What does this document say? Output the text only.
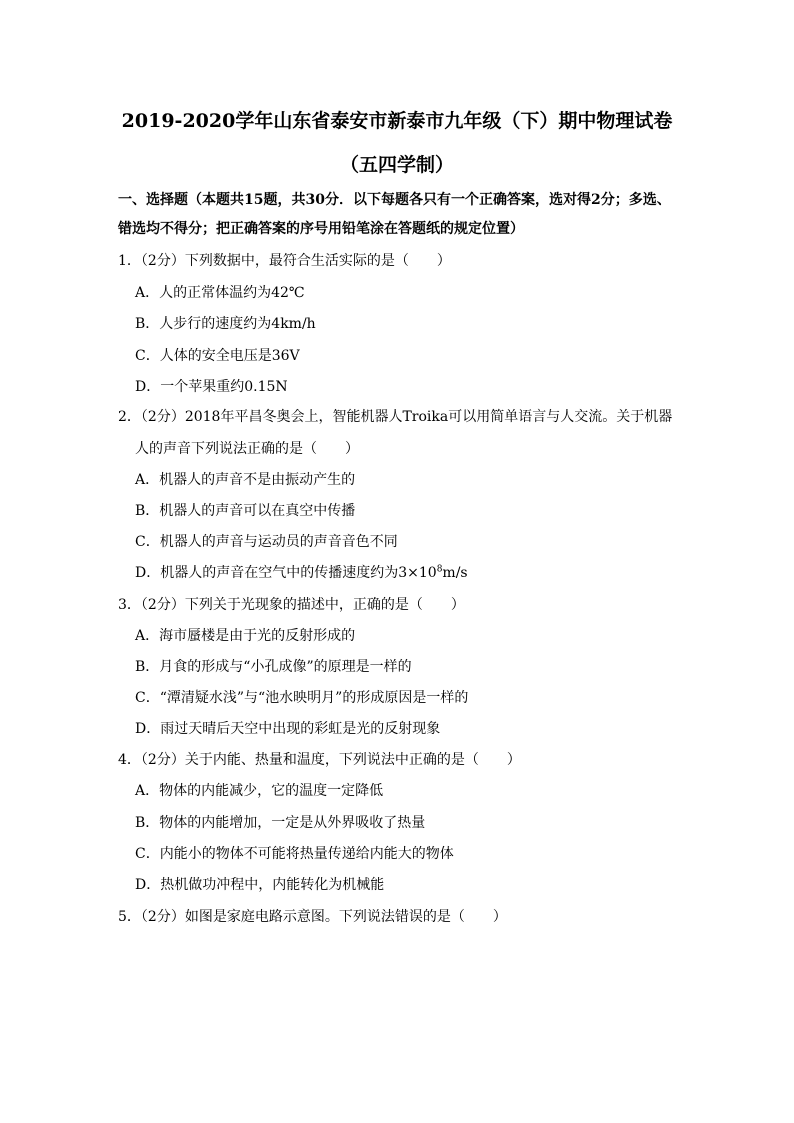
2019-2020学年山东省泰安市新泰市九年级（下）期中物理试卷
（五四学制）
一、选择题（本题共15题，共30分．以下每题各只有一个正确答案，选对得2分；多选、
错选均不得分；把正确答案的序号用铅笔涂在答题纸的规定位置）
1．（2分）下列数据中，最符合生活实际的是（　　）
A．人的正常体温约为42℃
B．人步行的速度约为4km/h
C．人体的安全电压是36V
D．一个苹果重约0.15N
2．（2分）2018年平昌冬奥会上，智能机器人Troika可以用简单语言与人交流。关于机器
人的声音下列说法正确的是（　　）
A．机器人的声音不是由振动产生的
B．机器人的声音可以在真空中传播
C．机器人的声音与运动员的声音音色不同
D．机器人的声音在空气中的传播速度约为$3\times 10^8m/s$
3．（2分）下列关于光现象的描述中，正确的是（　　）
A．海市蜃楼是由于光的反射形成的
B．月食的形成与“小孔成像”的原理是一样的
C．“潭清疑水浅”与“池水映明月”的形成原因是一样的
D．雨过天晴后天空中出现的彩虹是光的反射现象
4．（2分）关于内能、热量和温度，下列说法中正确的是（　　）
A．物体的内能减少，它的温度一定降低
B．物体的内能增加，一定是从外界吸收了热量
C．内能小的物体不可能将热量传递给内能大的物体
D．热机做功冲程中，内能转化为机械能
5．（2分）如图是家庭电路示意图。下列说法错误的是（　　）
